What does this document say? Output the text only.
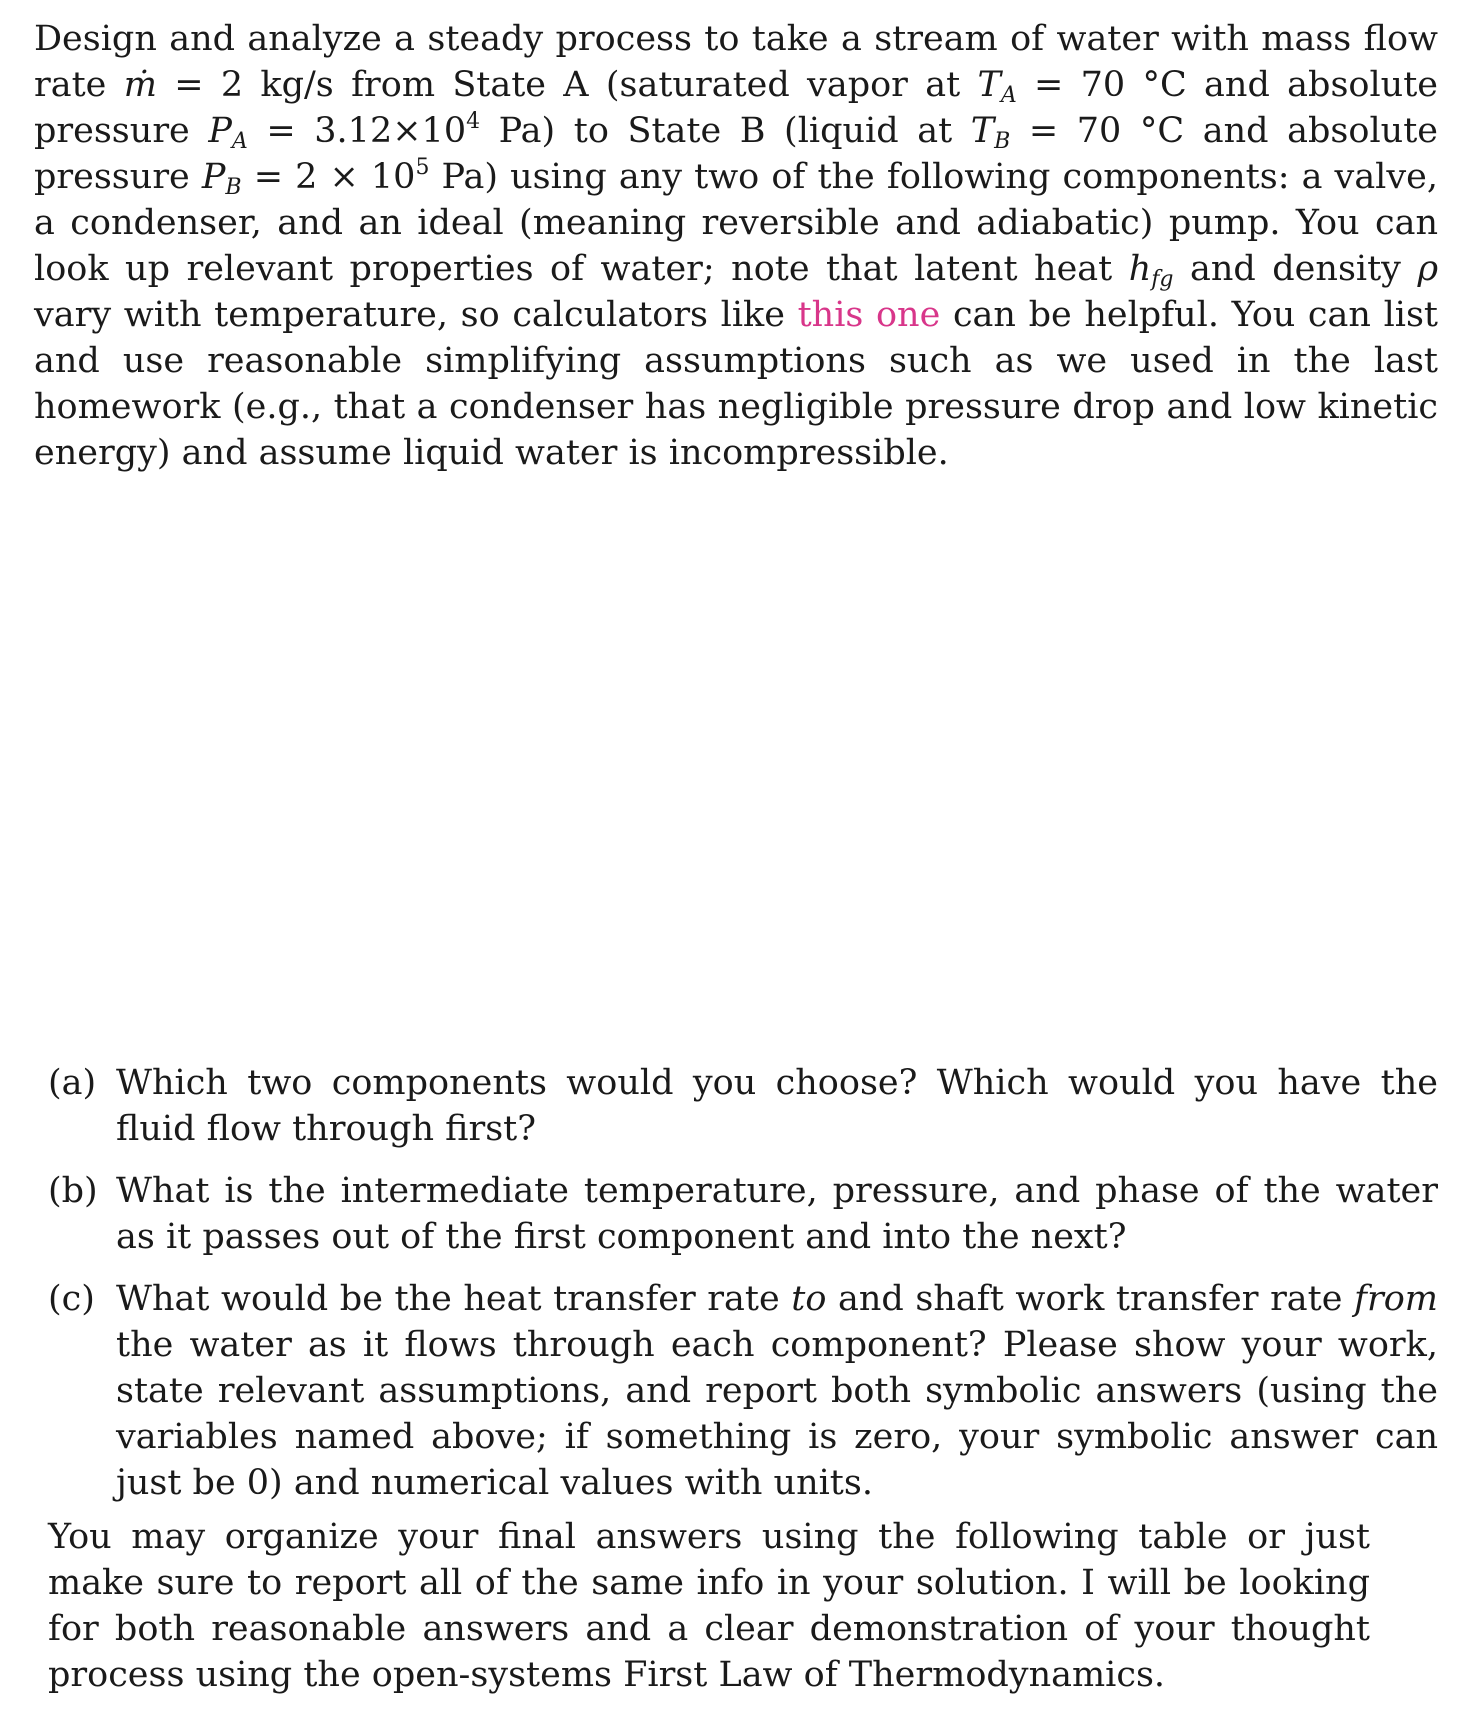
Design and analyze a steady process to take a stream of water with mass flow rate ṁ = 2 kg/s from State A (saturated vapor at $T_A = 70$ °C and absolute pressure $P_A = 3.12\times 10^4$ Pa) to State B (liquid at $T_B = 70$ °C and absolute pressure $P_B = 2 \times 10^5$ Pa) using any two of the following components: a valve, a condenser, and an ideal (meaning reversible and adiabatic) pump. You can look up relevant properties of water; note that latent heat $h_{fg}$ and density ρ vary with temperature, so calculators like this one can be helpful. You can list and use reasonable simplifying assumptions such as we used in the last homework (e.g., that a condenser has negligible pressure drop and low kinetic energy) and assume liquid water is incompressible.

(a) Which two components would you choose? Which would you have the fluid flow through first?
(b) What is the intermediate temperature, pressure, and phase of the water as it passes out of the first component and into the next?
(c) What would be the heat transfer rate to and shaft work transfer rate from the water as it flows through each component? Please show your work, state relevant assumptions, and report both symbolic answers (using the variables named above; if something is zero, your symbolic answer can just be 0) and numerical values with units.

You may organize your final answers using the following table or just make sure to report all of the same info in your solution. I will be looking for both reasonable answers and a clear demonstration of your thought process using the open-systems First Law of Thermodynamics.
